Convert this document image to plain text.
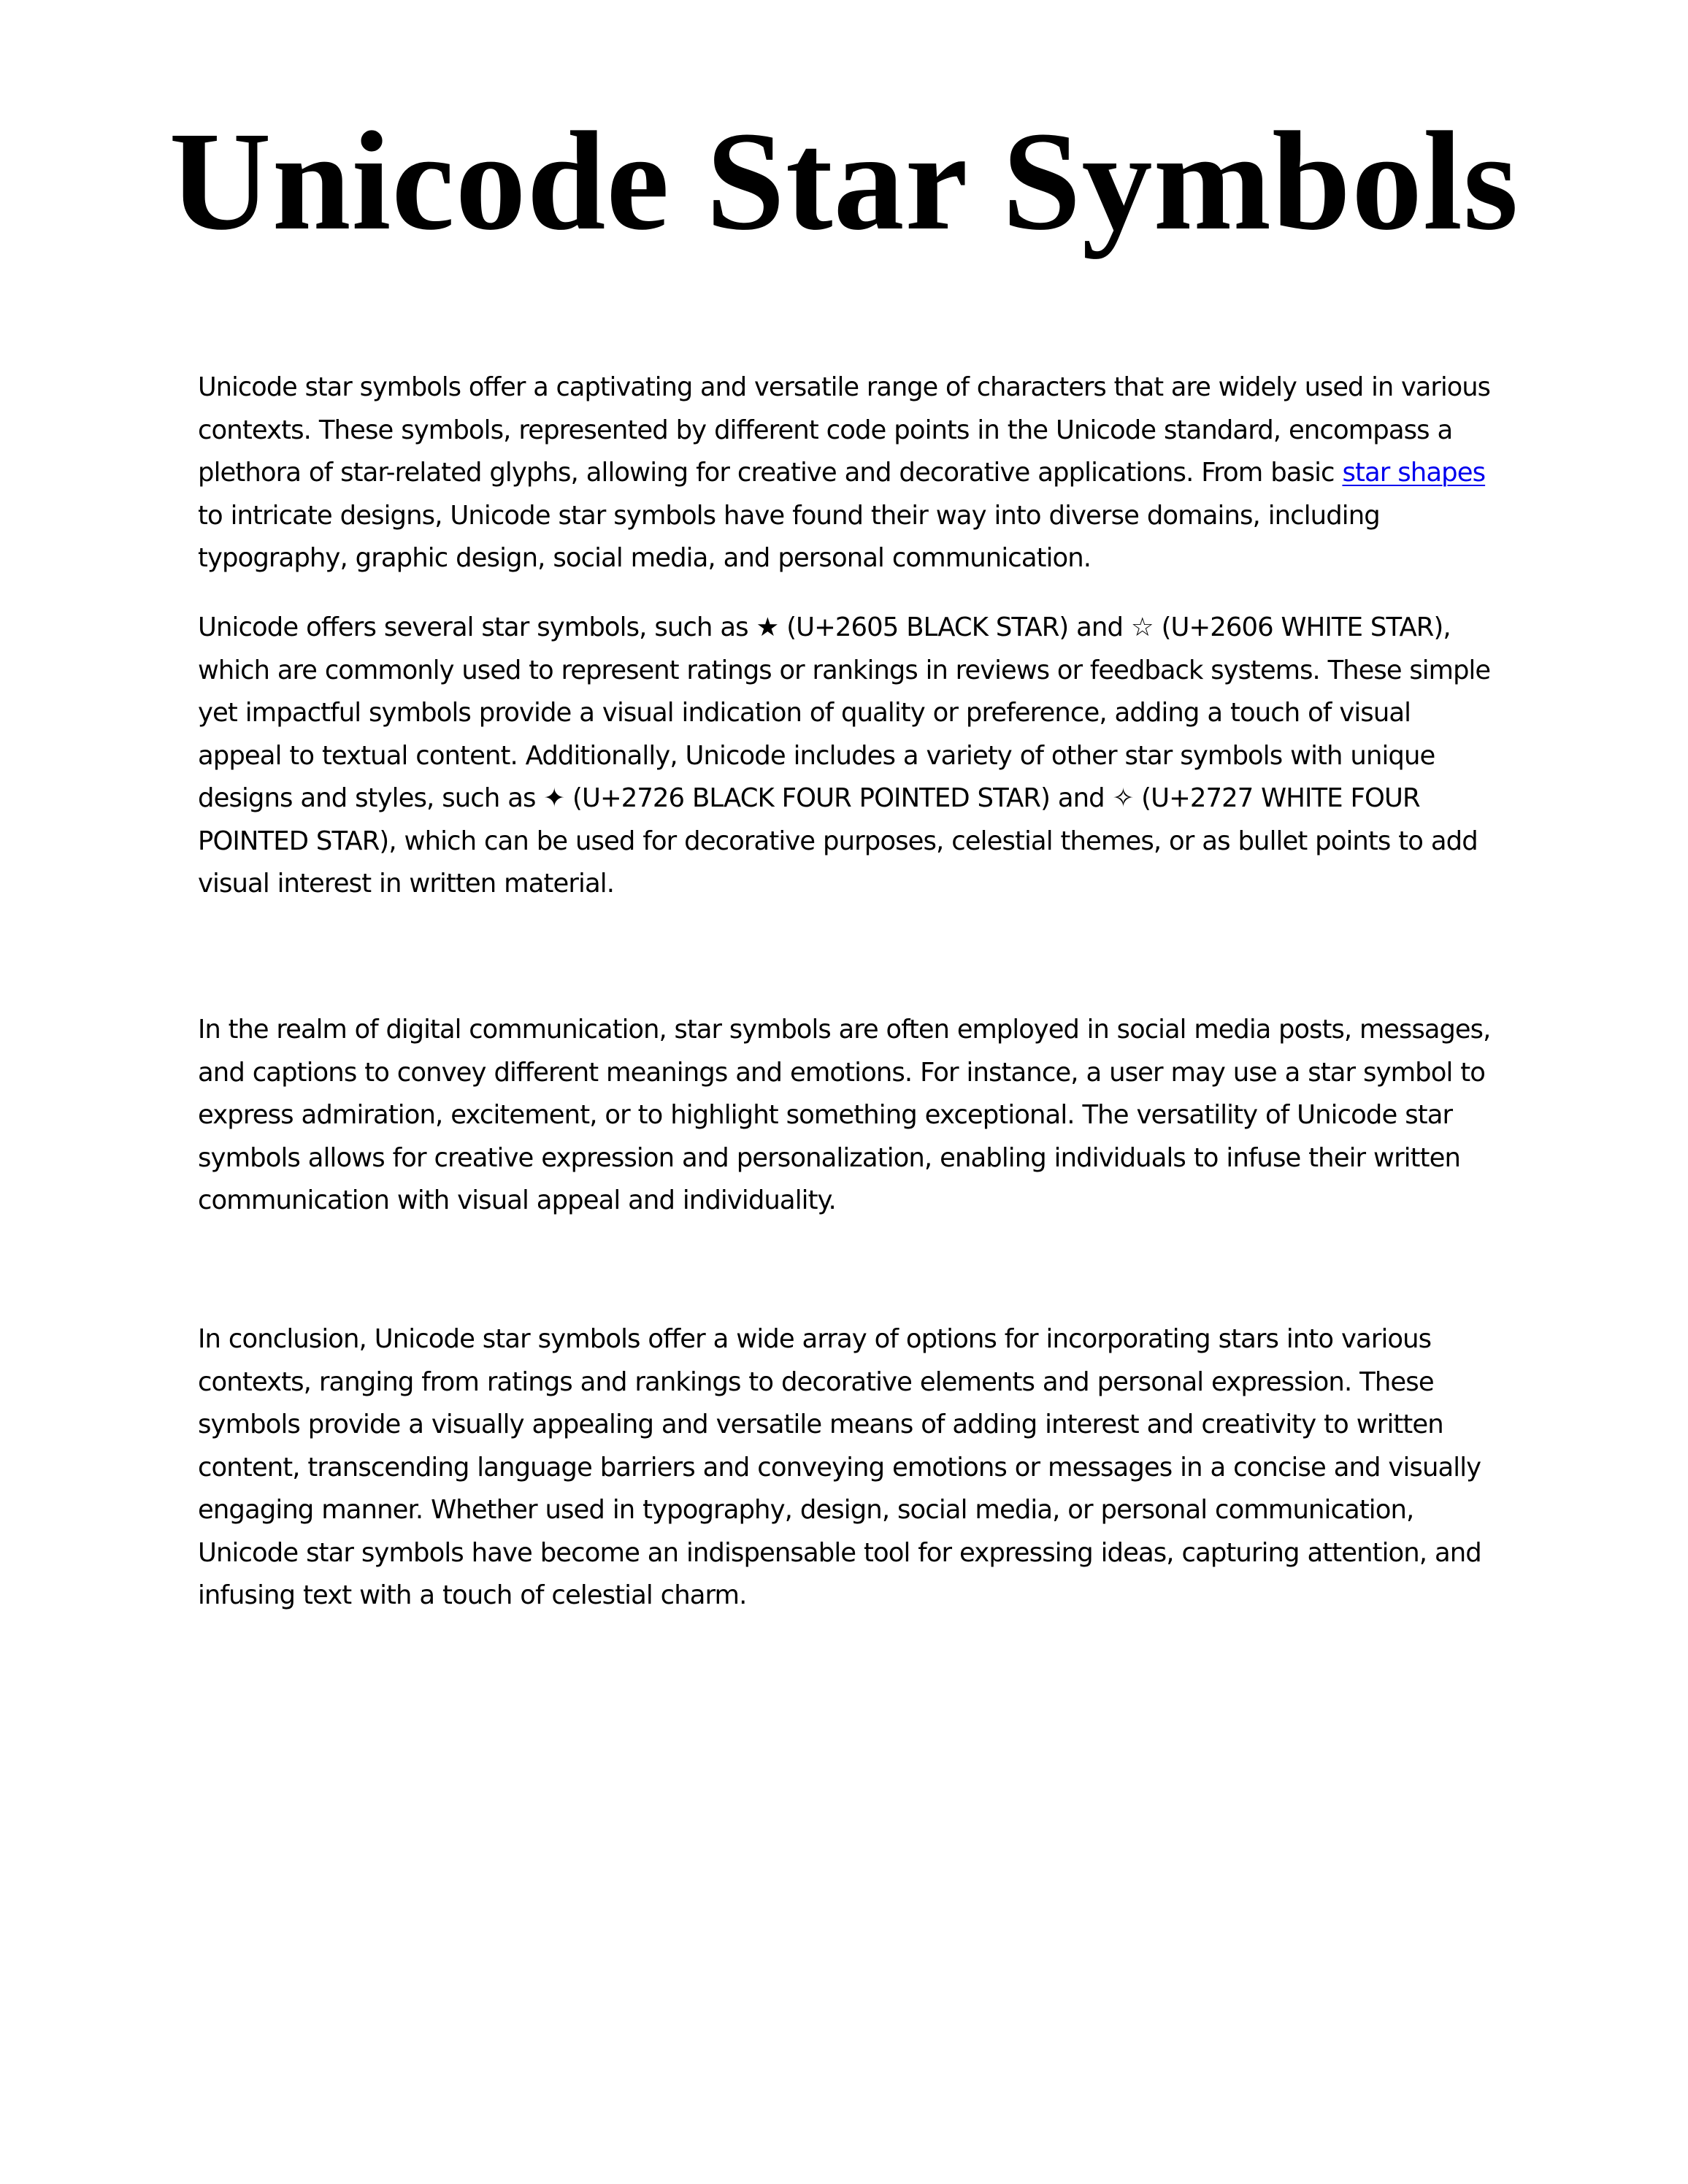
Unicode Star Symbols

Unicode star symbols offer a captivating and versatile range of characters that are widely used in various
contexts. These symbols, represented by different code points in the Unicode standard, encompass a
plethora of star-related glyphs, allowing for creative and decorative applications. From basic star shapes
to intricate designs, Unicode star symbols have found their way into diverse domains, including
typography, graphic design, social media, and personal communication.

Unicode offers several star symbols, such as ★ (U+2605 BLACK STAR) and ☆ (U+2606 WHITE STAR),
which are commonly used to represent ratings or rankings in reviews or feedback systems. These simple
yet impactful symbols provide a visual indication of quality or preference, adding a touch of visual
appeal to textual content. Additionally, Unicode includes a variety of other star symbols with unique
designs and styles, such as ✦ (U+2726 BLACK FOUR POINTED STAR) and ✧ (U+2727 WHITE FOUR
POINTED STAR), which can be used for decorative purposes, celestial themes, or as bullet points to add
visual interest in written material.

In the realm of digital communication, star symbols are often employed in social media posts, messages,
and captions to convey different meanings and emotions. For instance, a user may use a star symbol to
express admiration, excitement, or to highlight something exceptional. The versatility of Unicode star
symbols allows for creative expression and personalization, enabling individuals to infuse their written
communication with visual appeal and individuality.

In conclusion, Unicode star symbols offer a wide array of options for incorporating stars into various
contexts, ranging from ratings and rankings to decorative elements and personal expression. These
symbols provide a visually appealing and versatile means of adding interest and creativity to written
content, transcending language barriers and conveying emotions or messages in a concise and visually
engaging manner. Whether used in typography, design, social media, or personal communication,
Unicode star symbols have become an indispensable tool for expressing ideas, capturing attention, and
infusing text with a touch of celestial charm.
